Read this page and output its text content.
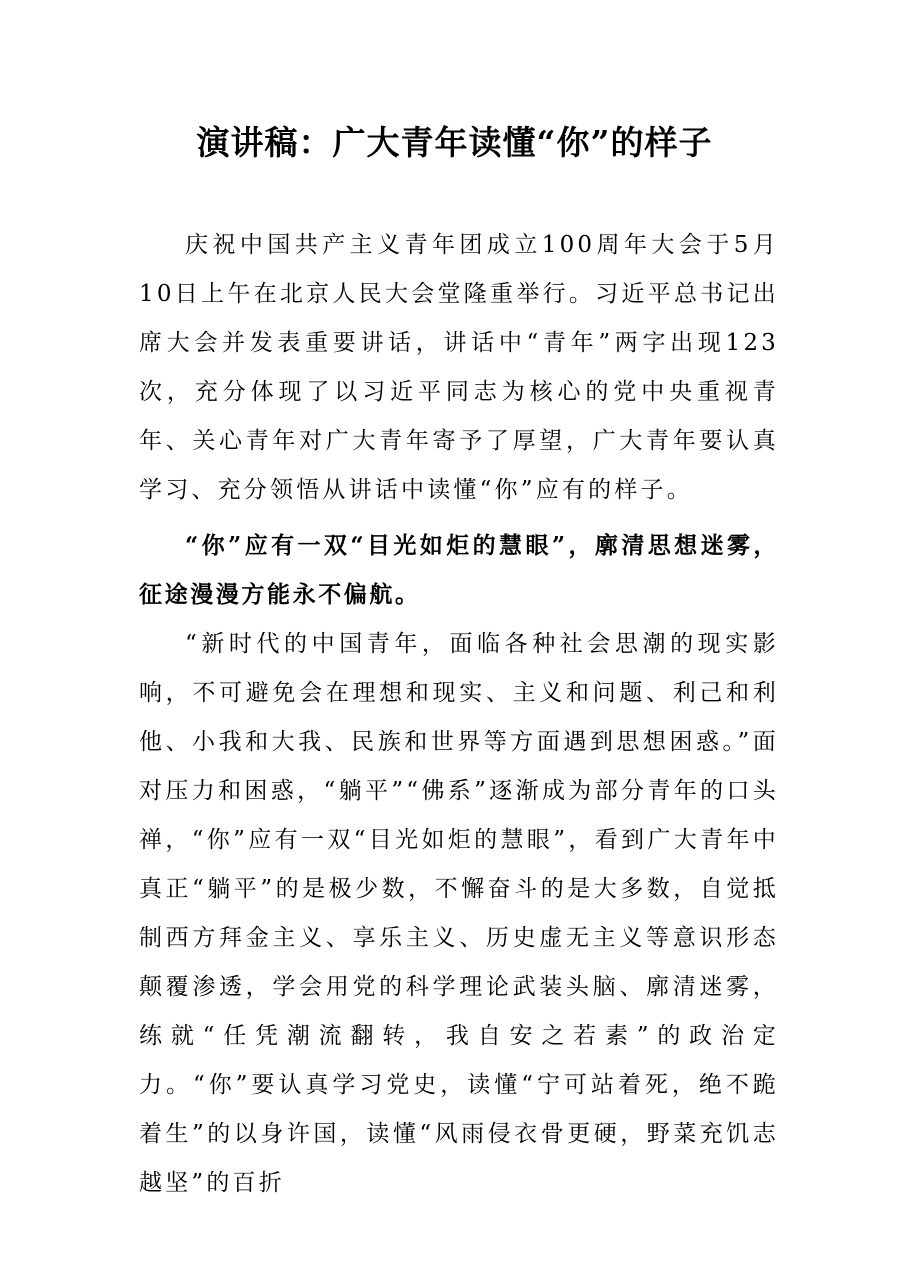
演讲稿：广大青年读懂“你”的样子
庆祝中国共产主义青年团成立100周年大会于5月10日上午在北京人民大会堂隆重举行。习近平总书记出席大会并发表重要讲话，讲话中“青年”两字出现123次，充分体现了以习近平同志为核心的党中央重视青年、关心青年对广大青年寄予了厚望，广大青年要认真学习、充分领悟从讲话中读懂“你”应有的样子。
“你”应有一双“目光如炬的慧眼”，廓清思想迷雾，征途漫漫方能永不偏航。
“新时代的中国青年，面临各种社会思潮的现实影响，不可避免会在理想和现实、主义和问题、利己和利他、小我和大我、民族和世界等方面遇到思想困惑。”面对压力和困惑，“躺平”“佛系”逐渐成为部分青年的口头禅，“你”应有一双“目光如炬的慧眼”，看到广大青年中真正“躺平”的是极少数，不懈奋斗的是大多数，自觉抵制西方拜金主义、享乐主义、历史虚无主义等意识形态颠覆渗透，学会用党的科学理论武装头脑、廓清迷雾，练就“任凭潮流翻转，我自安之若素”的政治定力。“你”要认真学习党史，读懂“宁可站着死，绝不跪着生”的以身许国，读懂“风雨侵衣骨更硬，野菜充饥志越坚”的百折
